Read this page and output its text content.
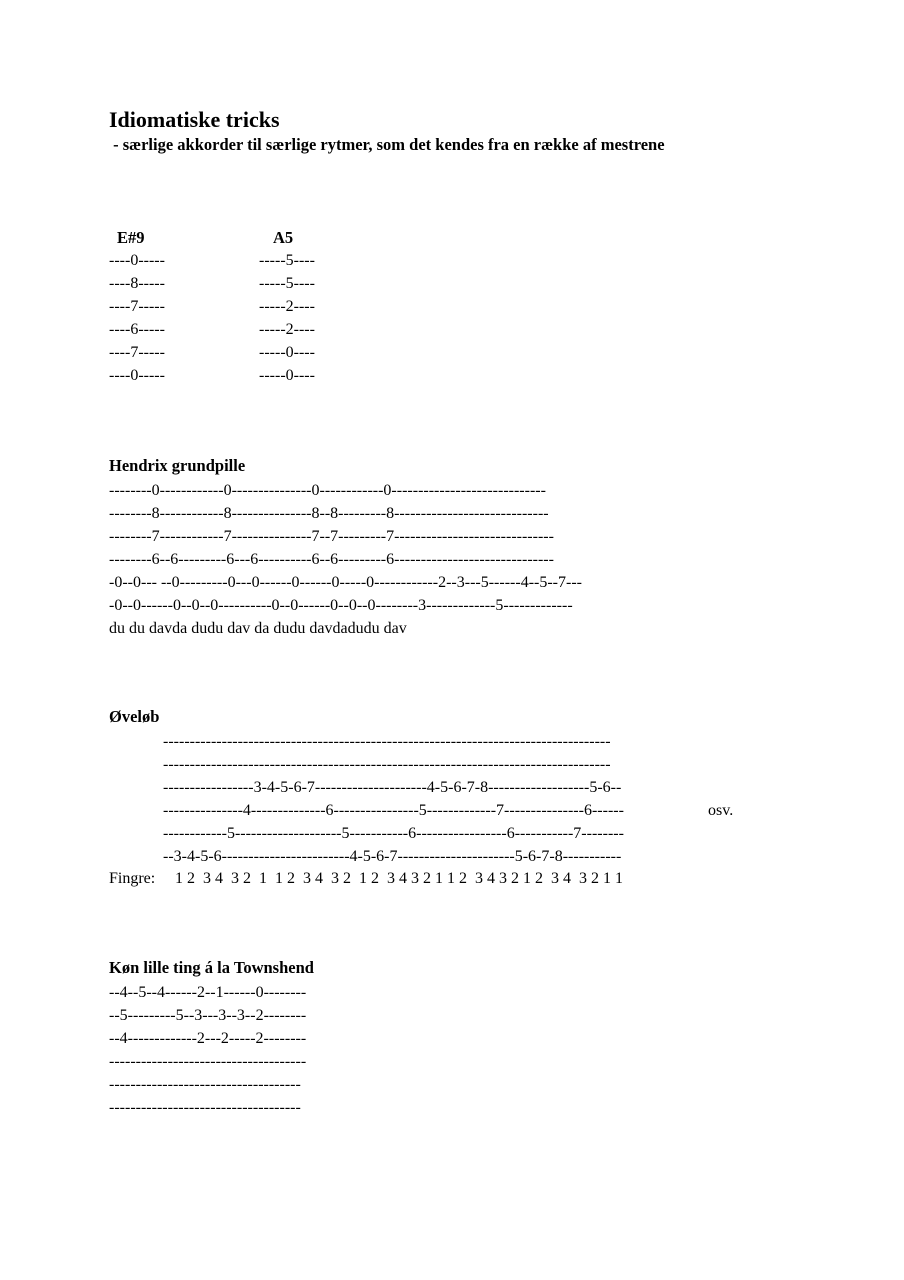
Idiomatiske tricks
- særlige akkorder til særlige rytmer, som det kendes fra en række af mestrene
E#9	A5
----0-----
----8-----
----7-----
----6-----
----7-----
----0-----
-----5----
-----5----
-----2----
-----2----
-----0----
-----0----
Hendrix grundpille
--------0------------0---------------0------------0-----------------------------
--------8------------8---------------8--8---------8-----------------------------
--------7------------7---------------7--7---------7------------------------------
--------6--6---------6---6----------6--6---------6------------------------------
-0--0--- --0---------0---0------0------0-----0------------2--3---5------4--5--7---
-0--0------0--0--0----------0--0------0--0--0--------3-------------5-------------
du du davda dudu dav da dudu davdadudu dav
Øveløb
------------------------------------------------------------------------------------
------------------------------------------------------------------------------------
-----------------3-4-5-6-7---------------------4-5-6-7-8-------------------5-6--
---------------4--------------6----------------5-------------7---------------6------	osv.
------------5--------------------5-----------6-----------------6-----------7--------
--3-4-5-6------------------------4-5-6-7----------------------5-6-7-8-----------
Fingre: 1 2  3 4  3 2  1  1 2  3 4  3 2  1 2  3 4 3 2 1 1 2  3 4 3 2 1 2  3 4  3 2 1 1
Køn lille ting á la Townshend
--4--5--4------2--1------0--------
--5---------5--3---3--3--2--------
--4-------------2---2-----2--------
-------------------------------------
------------------------------------
------------------------------------
